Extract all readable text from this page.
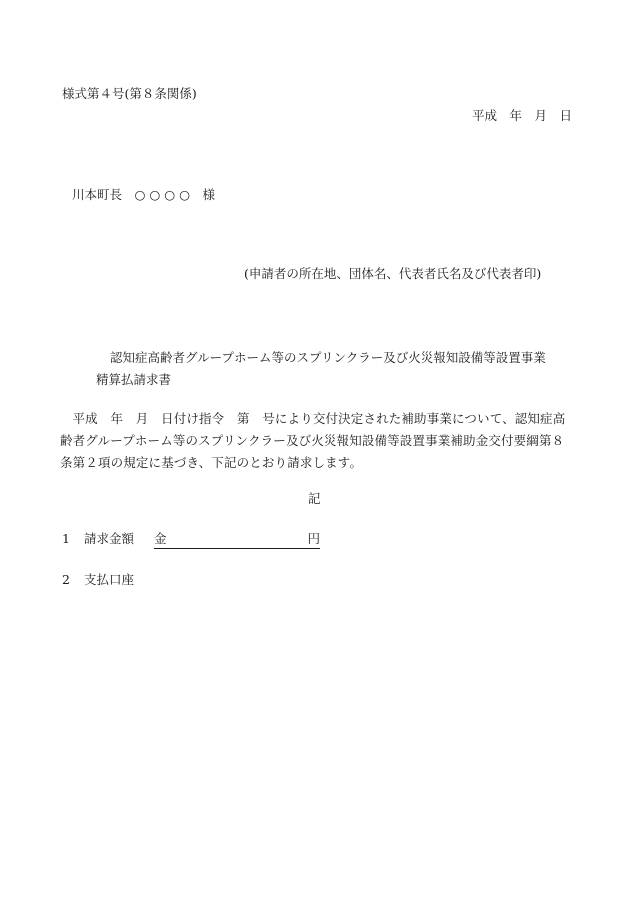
様式第４号(第８条関係)
平成　年　月　日
川本町長　○ ○ ○ ○　様
(申請者の所在地、団体名、代表者氏名及び代表者印)
認知症高齢者グループホーム等のスプリンクラー及び火災報知設備等設置事業
精算払請求書
平成　年　月　日付け指令　第　号により交付決定された補助事業について、認知症高齢者グループホーム等のスプリンクラー及び火災報知設備等設置事業補助金交付要綱第８条第２項の規定に基づき、下記のとおり請求します。
記
1	請求金額	金	円
2	支払口座
